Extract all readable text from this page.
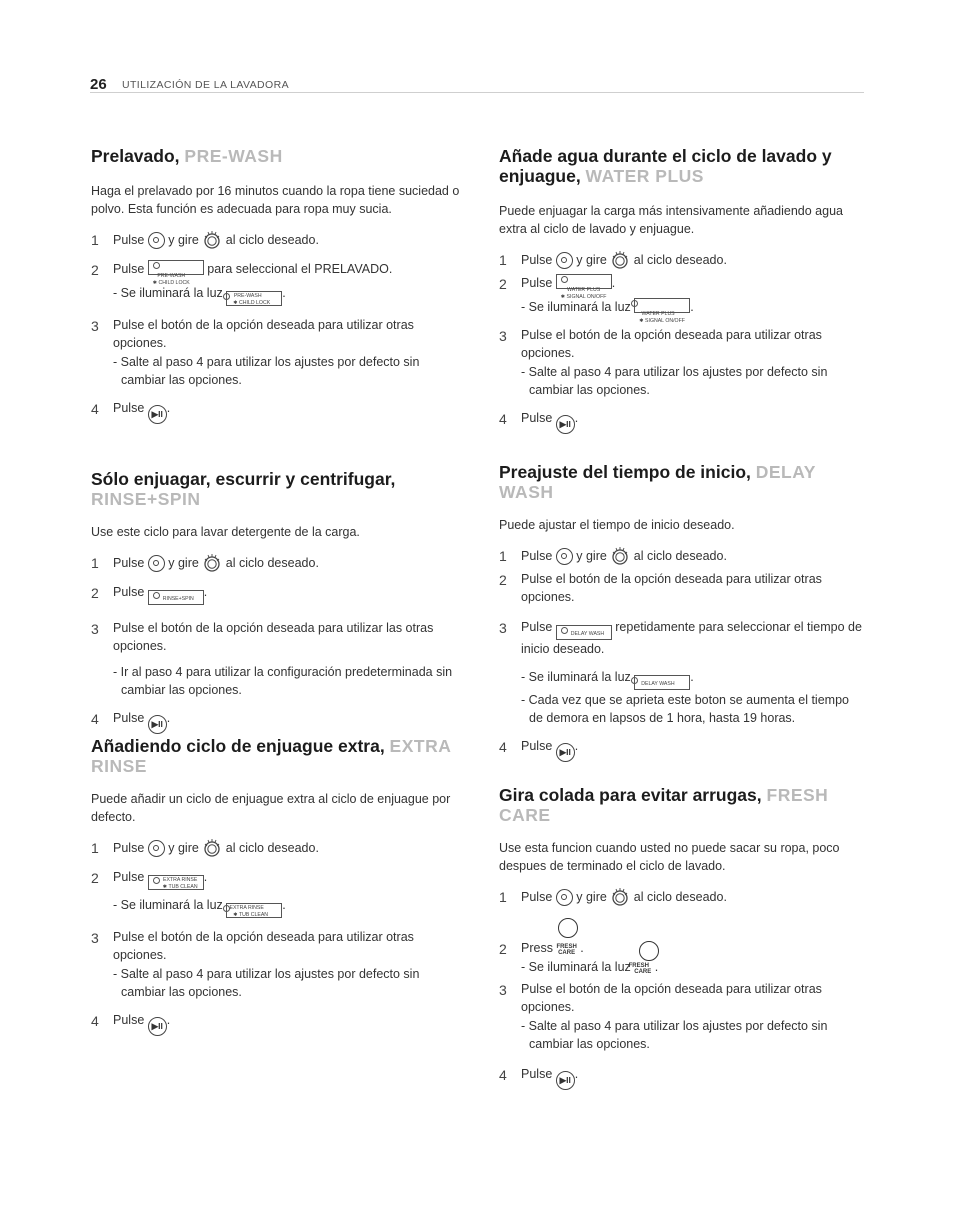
26 UTILIZACIÓN DE LA LAVADORA
Prelavado, PRE-WASH
Haga el prelavado por 16 minutos cuando la ropa tiene suciedad o polvo. Esta función es adecuada para ropa muy sucia.
1 Pulse y gire al ciclo deseado.
2 Pulse	PRE-WASH
✱ CHILD LOCK para seleccional el PRELAVADO.
- Se iluminará la luz PRE-WASH
✱ CHILD LOCK.
3 Pulse el botón de la opción deseada para utilizar otras opciones.
- Salte al paso 4 para utilizar los ajustes por defecto sin cambiar las opciones.
4 Pulse ▶II .
Sólo enjuagar, escurrir y centrifugar, RINSE+SPIN
Use este ciclo para lavar detergente de la carga.
1 Pulse y gire al ciclo deseado.
2 Pulse	RINSE+SPIN .
3 Pulse el botón de la opción deseada para utilizar las otras opciones.
- Ir al paso 4 para utilizar la configuración predeterminada sin cambiar las opciones.
4 Pulse ▶II .
Añadiendo ciclo de enjuague extra, EXTRA RINSE
Puede añadir un ciclo de enjuague extra al ciclo de enjuague por defecto.
1 Pulse y gire al ciclo deseado.
2 Pulse	EXTRA RINSE
✱ TUB CLEAN.
- Se iluminará la luz EXTRA RINSE
✱ TUB CLEAN.
3 Pulse el botón de la opción deseada para utilizar otras opciones.
- Salte al paso 4 para utilizar los ajustes por defecto sin cambiar las opciones.
4 Pulse ▶II .
Añade agua durante el ciclo de lavado y enjuague, WATER PLUS
Puede enjuagar la carga más intensivamente añadiendo agua extra al ciclo de lavado y enjuague.
1 Pulse y gire al ciclo deseado.
2 Pulse	WATER PLUS
✱ SIGNAL ON/OFF.
- Se iluminará la luz WATER PLUS
✱ SIGNAL ON/OFF.
3 Pulse el botón de la opción deseada para utilizar otras opciones.
- Salte al paso 4 para utilizar los ajustes por defecto sin cambiar las opciones.
4 Pulse ▶II .
Preajuste del tiempo de inicio, DELAY WASH
Puede ajustar el tiempo de inicio deseado.
1 Pulse y gire al ciclo deseado.
2 Pulse el botón de la opción deseada para utilizar otras opciones.
3 Pulse	DELAY WASH repetidamente para seleccionar el tiempo de inicio deseado.
- Se iluminará la luz DELAY WASH .
- Cada vez que se aprieta este boton se aumenta el tiempo de demora en lapsos de 1 hora, hasta 19 horas.
4 Pulse ▶II .
Gira colada para evitar arrugas, FRESH CARE
Use esta funcion cuando usted no puede sacar su ropa, poco despues de terminado el ciclo de lavado.
1 Pulse y gire al ciclo deseado.
2 Press FRESH
CARE .
- Se iluminará la luz FRESH
CARE .
3 Pulse el botón de la opción deseada para utilizar otras opciones.
- Salte al paso 4 para utilizar los ajustes por defecto sin cambiar las opciones.
4 Pulse ▶II .
